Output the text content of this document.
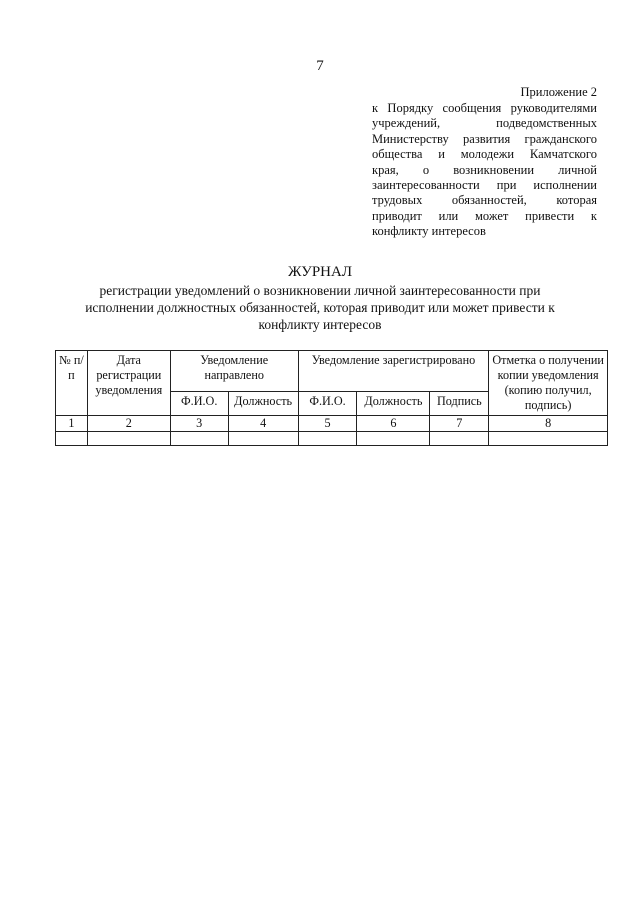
7
Приложение 2
к Порядку сообщения руководителями
учреждений, подведомственных
Министерству развития гражданского
общества и молодежи Камчатского
края, о возникновении личной
заинтересованности при исполнении
трудовых обязанностей, которая
приводит или может привести к
конфликту интересов
ЖУРНАЛ
регистрации уведомлений о возникновении личной заинтересованности при
исполнении должностных обязанностей, которая приводит или может привести к
конфликту интересов
№ п/п	Дата регистрации уведомления	Уведомление направлено		Уведомление зарегистрировано			Отметка о получении копии уведомления (копию получил, подпись)
		Ф.И.О.	Должность	Ф.И.О.	Должность	Подпись	
1	2	3	4	5	6	7	8
